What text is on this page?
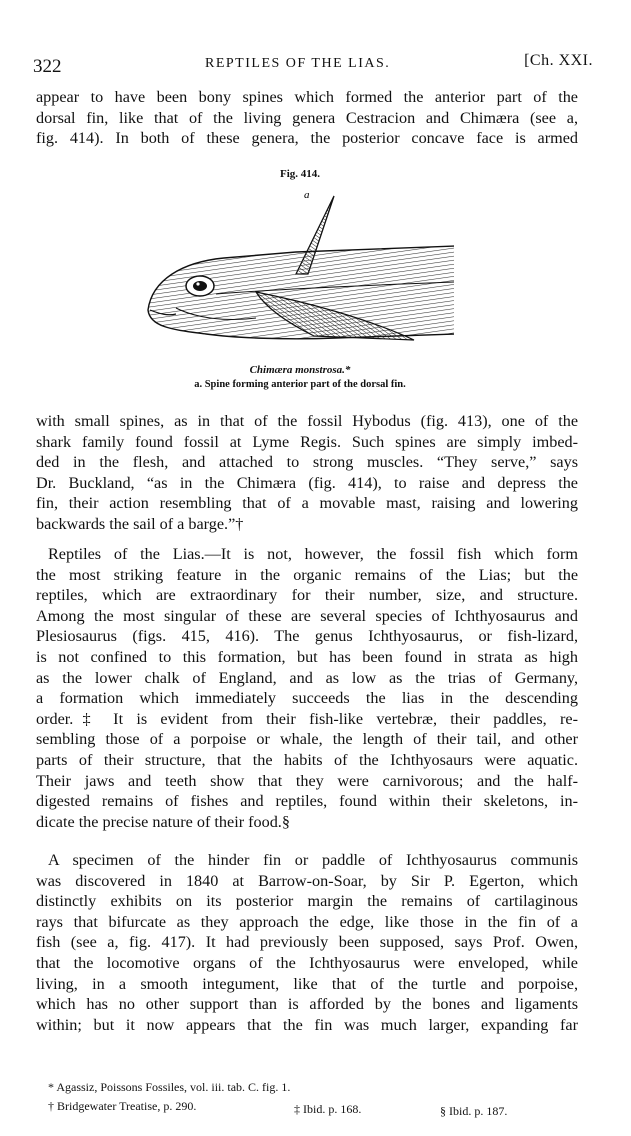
322	REPTILES OF THE LIAS.	[Ch. XXI.

appear to have been bony spines which formed the anterior part of the
dorsal fin, like that of the living genera Cestracion and Chimæra (see a,
fig. 414). In both of these genera, the posterior concave face is armed

Fig. 414.
a
Chimæra monstrosa.*
a. Spine forming anterior part of the dorsal fin.

with small spines, as in that of the fossil Hybodus (fig. 413), one of the
shark family found fossil at Lyme Regis. Such spines are simply imbed-
ded in the flesh, and attached to strong muscles. “They serve,” says
Dr. Buckland, “as in the Chimæra (fig. 414), to raise and depress the
fin, their action resembling that of a movable mast, raising and lowering
backwards the sail of a barge.”†

Reptiles of the Lias.—It is not, however, the fossil fish which form
the most striking feature in the organic remains of the Lias; but the
reptiles, which are extraordinary for their number, size, and structure.
Among the most singular of these are several species of Ichthyosaurus and
Plesiosaurus (figs. 415, 416). The genus Ichthyosaurus, or fish-lizard,
is not confined to this formation, but has been found in strata as high
as the lower chalk of England, and as low as the trias of Germany,
a formation which immediately succeeds the lias in the descending
order.‡ It is evident from their fish-like vertebræ, their paddles, re-
sembling those of a porpoise or whale, the length of their tail, and other
parts of their structure, that the habits of the Ichthyosaurs were aquatic.
Their jaws and teeth show that they were carnivorous; and the half-
digested remains of fishes and reptiles, found within their skeletons, in-
dicate the precise nature of their food.§

A specimen of the hinder fin or paddle of Ichthyosaurus communis
was discovered in 1840 at Barrow-on-Soar, by Sir P. Egerton, which
distinctly exhibits on its posterior margin the remains of cartilaginous
rays that bifurcate as they approach the edge, like those in the fin of a
fish (see a, fig. 417). It had previously been supposed, says Prof. Owen,
that the locomotive organs of the Ichthyosaurus were enveloped, while
living, in a smooth integument, like that of the turtle and porpoise,
which has no other support than is afforded by the bones and ligaments
within; but it now appears that the fin was much larger, expanding far

* Agassiz, Poissons Fossiles, vol. iii. tab. C. fig. 1.
† Bridgewater Treatise, p. 290.	‡ Ibid. p. 168.	§ Ibid. p. 187.
